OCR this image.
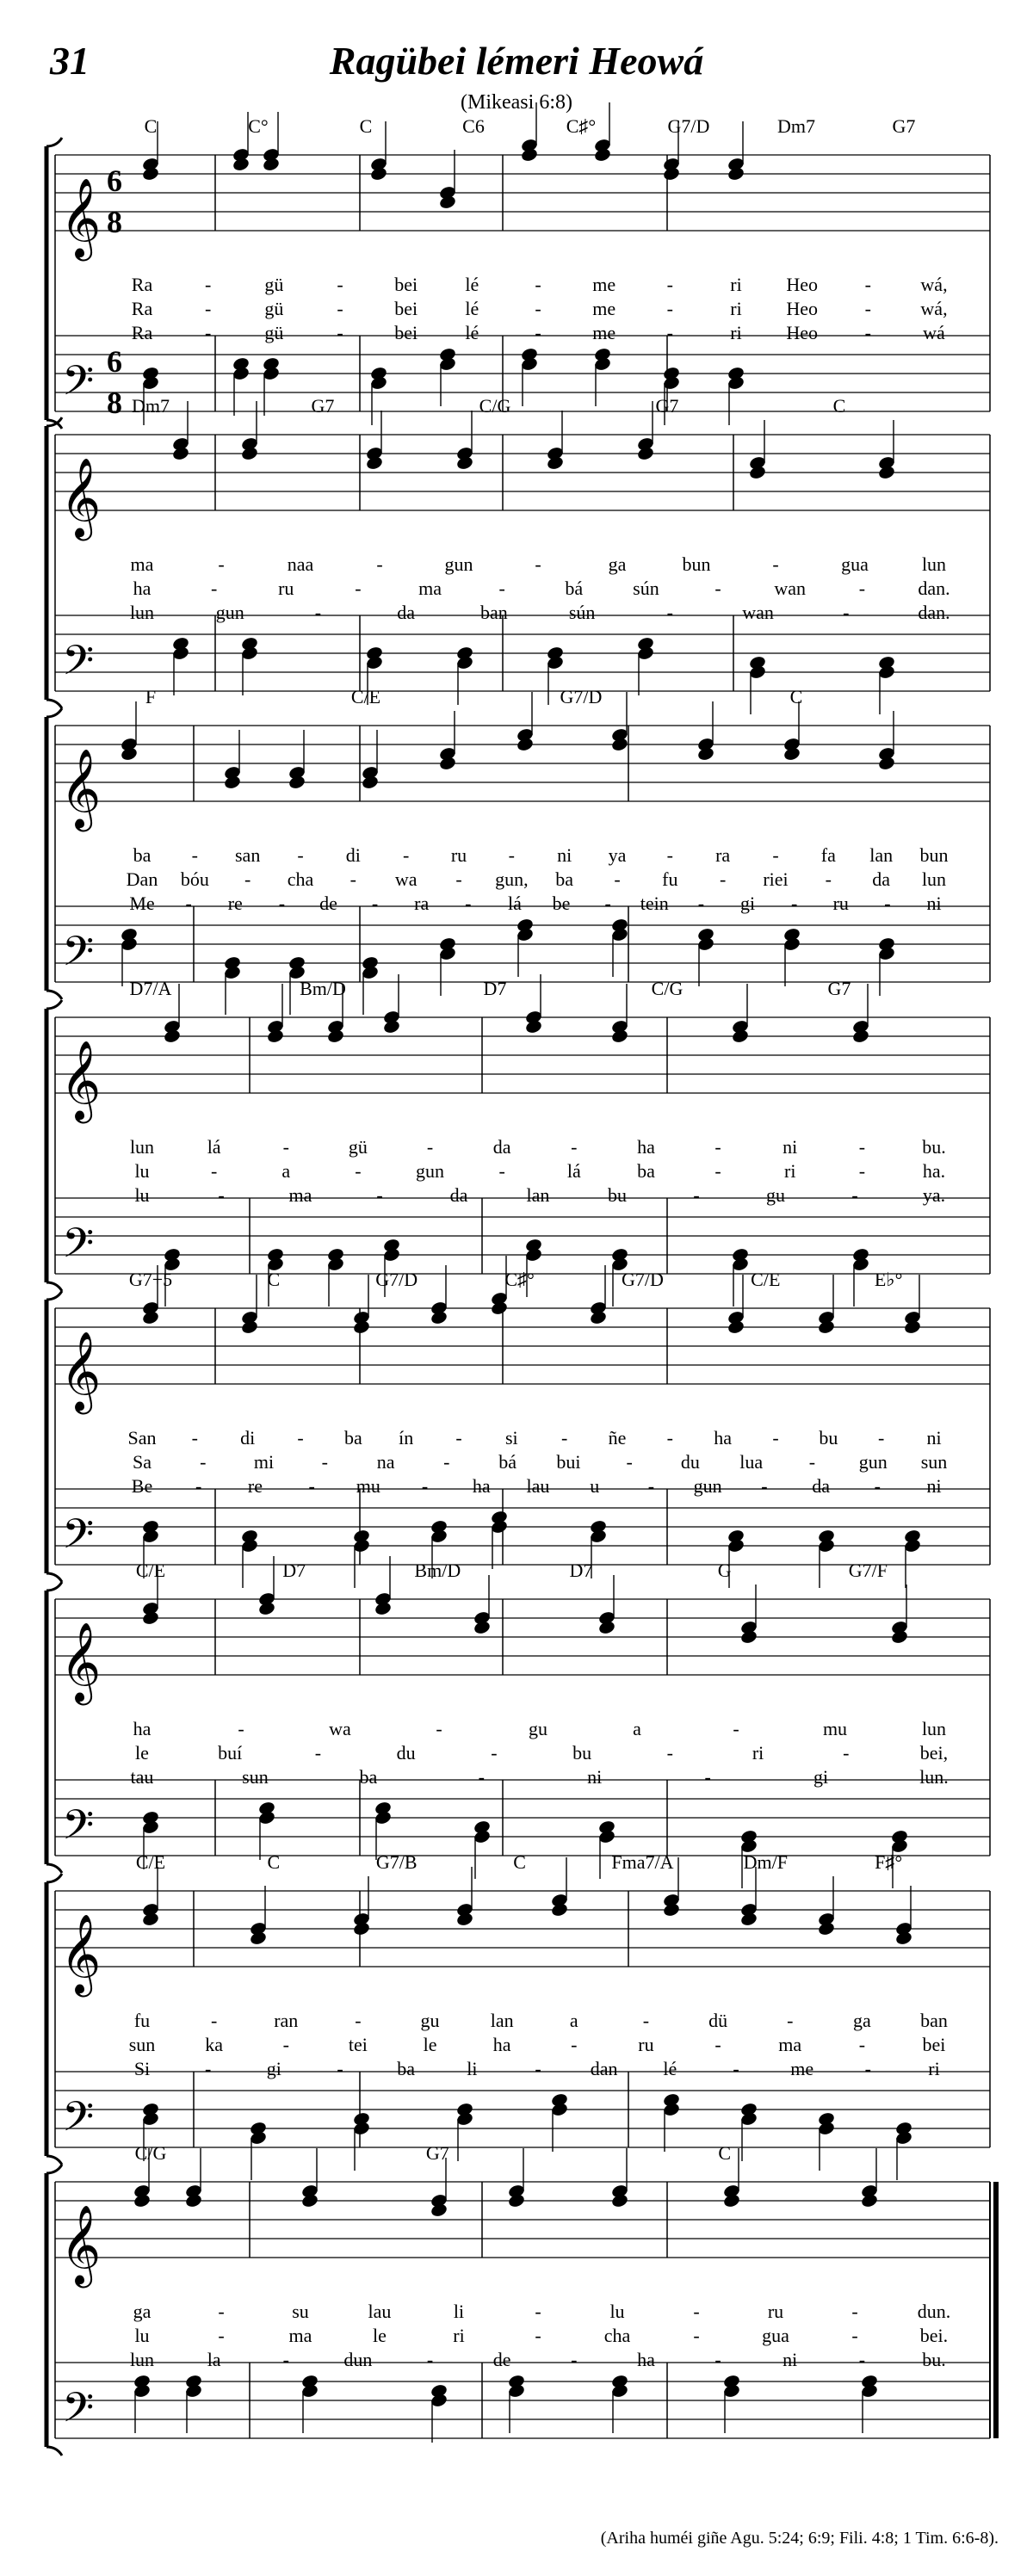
31	Ragübei lémeri Heowá
(Mikeasi 6:8)
𝄞
𝄢
6
8
6
8
C	C°	C	C6	C♯°	G7/D	Dm7	G7
Ra	-	gü	-	bei	lé	-	me	-	ri Heo -	wá,
Ra	-	gü	-	bei	lé	-	me	-	ri Heo -	wá,
Ra	-	gü	-	bei	lé	-	me	-	ri Heo -	wá
𝄞
𝄢
Dm7	G7	C/G	G7	C
ma	-	naa	-	gun	-	ga	bun	-	gua	lun
ha	-	ru	-	ma	-	bá	sún	-	wan	-	dan.
lun	gun	-	da	ban	sún	-	wan	-	dan.
𝄞
𝄢
F	C/E	G7/D	C
ba - san - di - ru - ni ya - ra - fa lan bun
Dan bóu - cha - wa - gun, ba - fu - riei - da lun
Me - re - de - ra - lá be - tein - gi - ru - ni
𝄞
𝄢
D7/A	Bm/D	D7	C/G	G7
lun	lá	-	gü	-	da	-	ha	-	ni	-	bu.
lu	-	a	-	gun	-	lá	ba	-	ri	-	ha.
lu	-	ma	-	da	lan	bu	-	gu	-	ya.
𝄞
𝄢
G7+5	C	G7/D	C♯°	G7/D	C/E	E♭°
San - di - ba ín - si - ñe - ha - bu - ni
Sa	-	mi	-	na	-	bá bui -	du lua - gun sun
Be - re - mu - ha lau u	- gun - da - ni
𝄞
𝄢
C/E	D7	Bm/D	D7	G	G7/F
ha	-	wa	-	gu	a	-	mu	lun
le	buí	-	du	-	bu	-	ri	-	bei,
tau	sun	ba	-	ni	-	gi	lun.
𝄞
𝄢
C/E	C	G7/B	C	Fma7/A	Dm/F	F♯°
fu	-	ran	-	gu	lan	a	-	dü	-	ga	ban
sun	ka	-	tei	le	ha	-	ru	-	ma	-	bei
Si	-	gi	-	ba	li	-	dan lé	-	me	-	ri
𝄞
𝄢
C/G	G7	C
ga	-	su	lau	li	-	lu	-	ru	-	dun.
lu	-	ma	le	ri	-	cha	-	gua	-	bei.
lun	la	-	dun	-	de	-	ha	-	ni	-	bu.
(Ariha huméi giñe Agu. 5:24; 6:9; Fili. 4:8; 1 Tim. 6:6-8).
